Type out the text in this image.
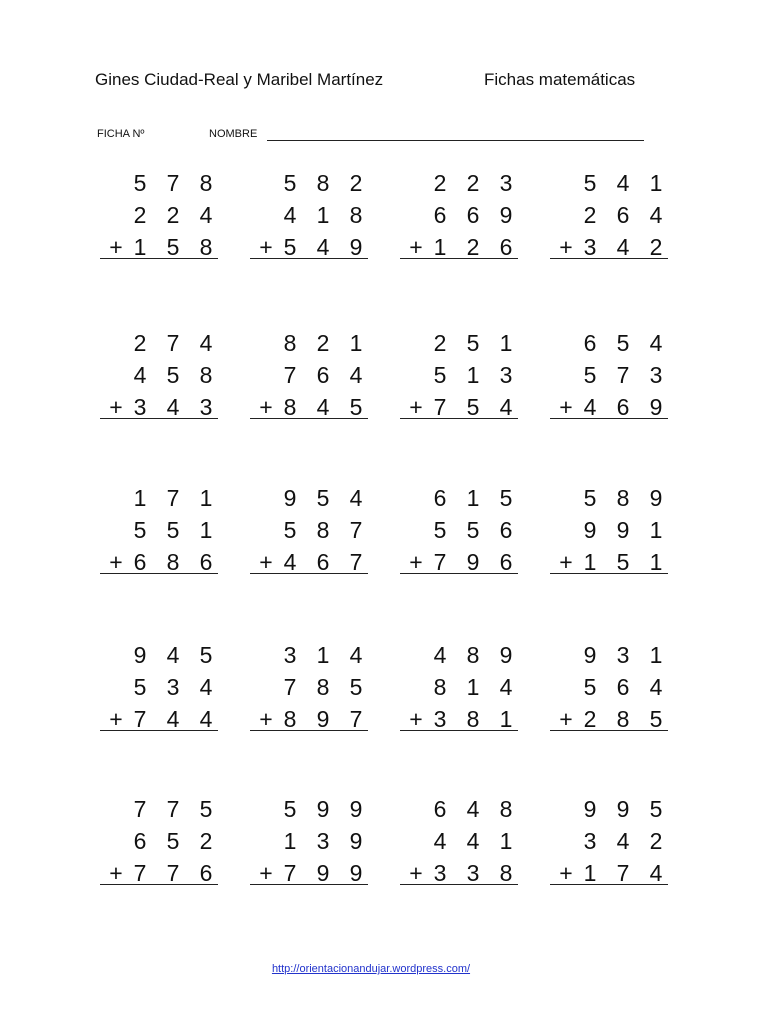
Gines Ciudad-Real y Maribel Martínez	Fichas matemáticas
FICHA Nº	NOMBRE
5 7 8
2 2 4
+ 1 5 8
5 8 2
4 1 8
+ 5 4 9
2 2 3
6 6 9
+ 1 2 6
5 4 1
2 6 4
+ 3 4 2
2 7 4
4 5 8
+ 3 4 3
8 2 1
7 6 4
+ 8 4 5
2 5 1
5 1 3
+ 7 5 4
6 5 4
5 7 3
+ 4 6 9
1 7 1
5 5 1
+ 6 8 6
9 5 4
5 8 7
+ 4 6 7
6 1 5
5 5 6
+ 7 9 6
5 8 9
9 9 1
+ 1 5 1
9 4 5
5 3 4
+ 7 4 4
3 1 4
7 8 5
+ 8 9 7
4 8 9
8 1 4
+ 3 8 1
9 3 1
5 6 4
+ 2 8 5
7 7 5
6 5 2
+ 7 7 6
5 9 9
1 3 9
+ 7 9 9
6 4 8
4 4 1
+ 3 3 8
9 9 5
3 4 2
+ 1 7 4
http://orientacionandujar.wordpress.com/
